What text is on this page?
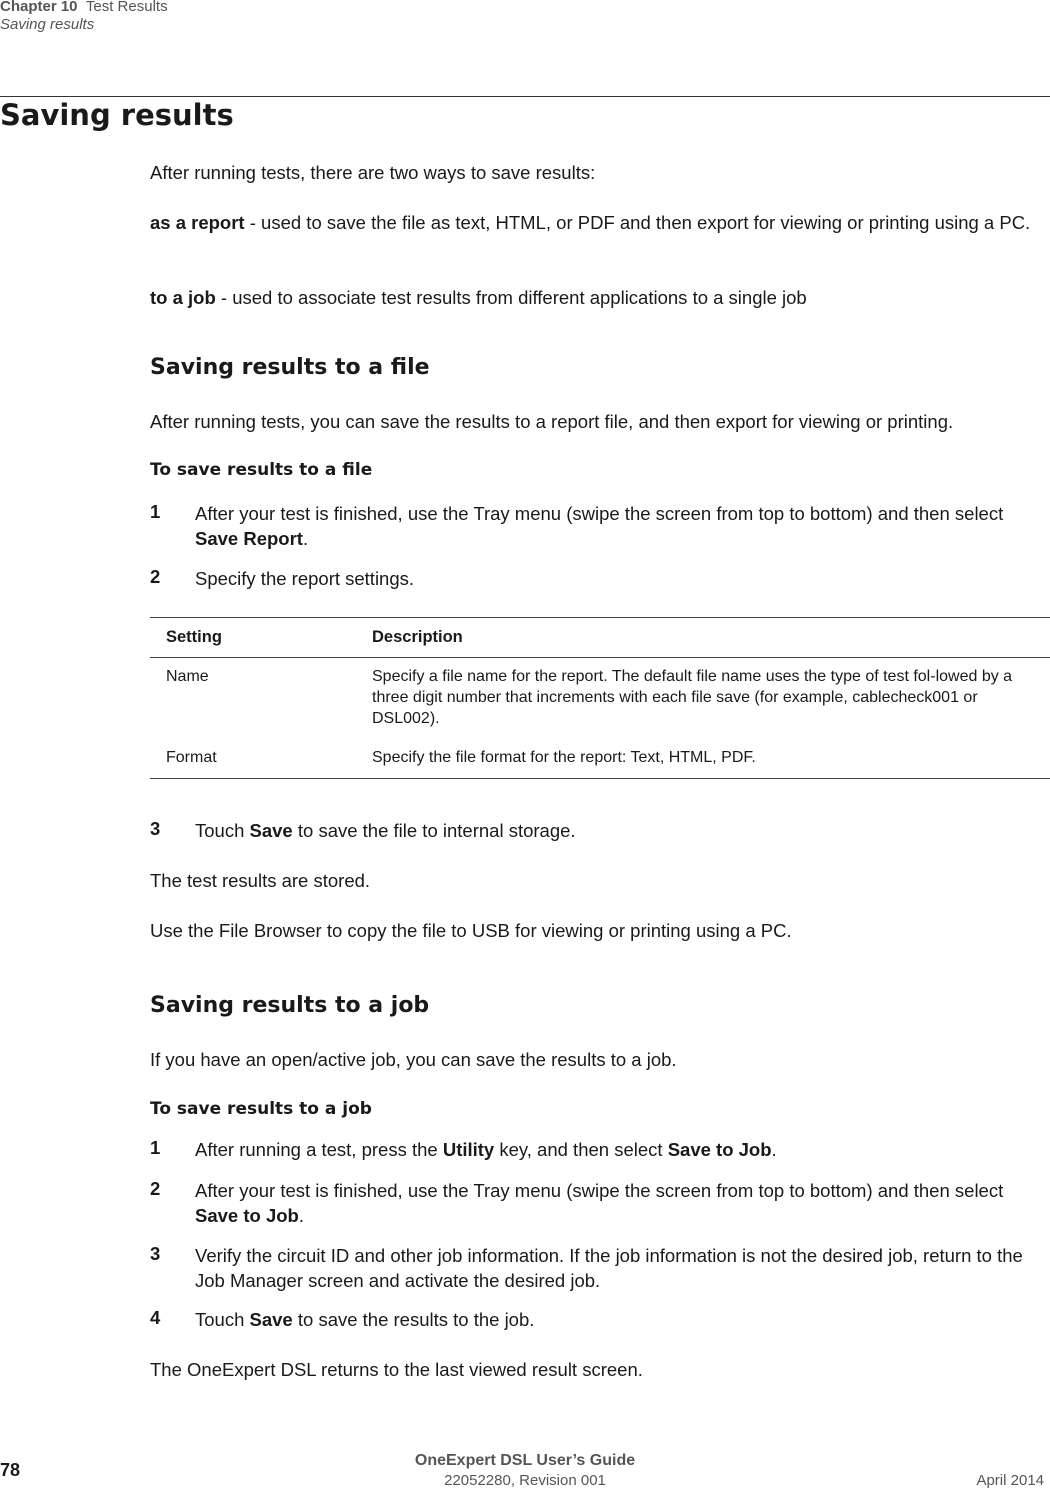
Chapter 10 Test Results
Saving results
Saving results
After running tests, there are two ways to save results:
as a report - used to save the file as text, HTML, or PDF and then export for viewing or printing using a PC.
to a job - used to associate test results from different applications to a single job
Saving results to a file
After running tests, you can save the results to a report file, and then export for viewing or printing.
To save results to a file
1 After your test is finished, use the Tray menu (swipe the screen from top to bottom) and then select Save Report.
2 Specify the report settings.
Setting	Description
Name	Specify a file name for the report. The default file name uses the type of test fol-lowed by a three digit number that increments with each file save (for example, cablecheck001 or DSL002).
Format	Specify the file format for the report: Text, HTML, PDF.
3 Touch Save to save the file to internal storage.
The test results are stored.
Use the File Browser to copy the file to USB for viewing or printing using a PC.
Saving results to a job
If you have an open/active job, you can save the results to a job.
To save results to a job
1 After running a test, press the Utility key, and then select Save to Job.
2 After your test is finished, use the Tray menu (swipe the screen from top to bottom) and then select Save to Job.
3 Verify the circuit ID and other job information. If the job information is not the desired job, return to the Job Manager screen and activate the desired job.
4 Touch Save to save the results to the job.
The OneExpert DSL returns to the last viewed result screen.
78	OneExpert DSL User’s Guide
22052280, Revision 001	April 2014
